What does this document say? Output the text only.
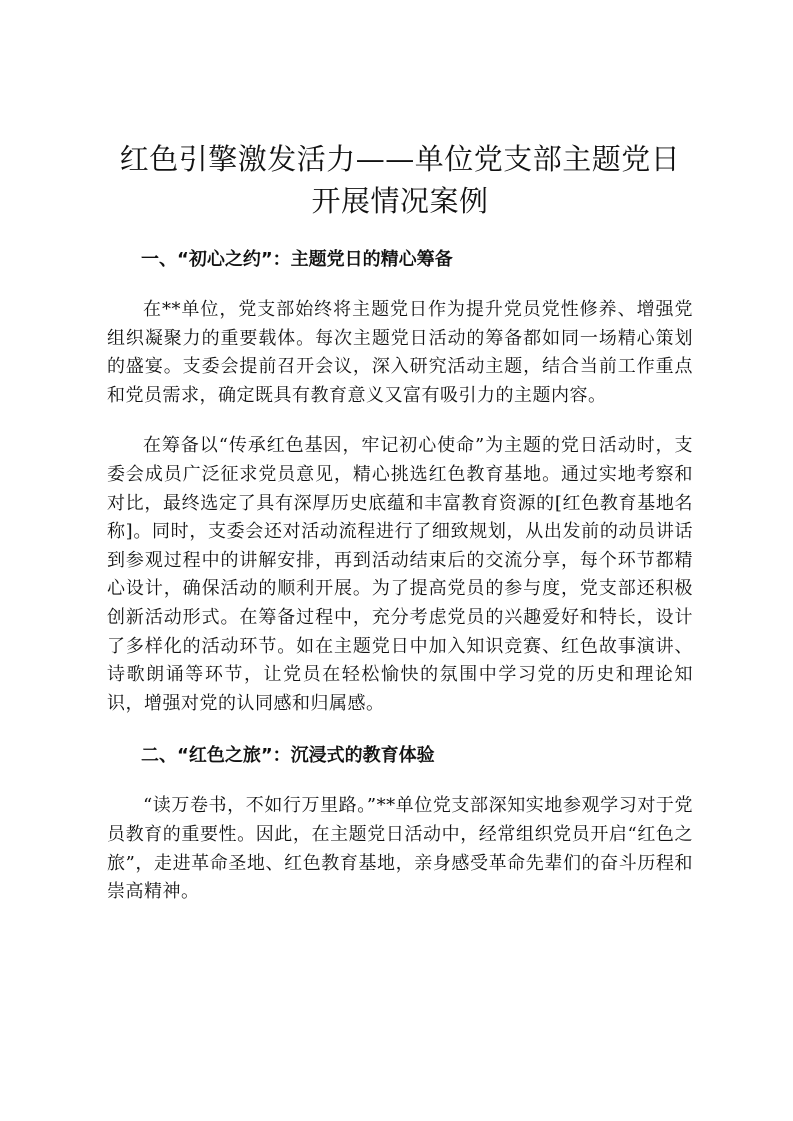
红色引擎激发活力——单位党支部主题党日开展情况案例
一、“初心之约”：主题党日的精心筹备

在**单位，党支部始终将主题党日作为提升党员党性修养、增强党组织凝聚力的重要载体。每次主题党日活动的筹备都如同一场精心策划的盛宴。支委会提前召开会议，深入研究活动主题，结合当前工作重点和党员需求，确定既具有教育意义又富有吸引力的主题内容。

在筹备以“传承红色基因，牢记初心使命”为主题的党日活动时，支委会成员广泛征求党员意见，精心挑选红色教育基地。通过实地考察和对比，最终选定了具有深厚历史底蕴和丰富教育资源的[红色教育基地名称]。同时，支委会还对活动流程进行了细致规划，从出发前的动员讲话到参观过程中的讲解安排，再到活动结束后的交流分享，每个环节都精心设计，确保活动的顺利开展。为了提高党员的参与度，党支部还积极创新活动形式。在筹备过程中，充分考虑党员的兴趣爱好和特长，设计了多样化的活动环节。如在主题党日中加入知识竞赛、红色故事演讲、诗歌朗诵等环节，让党员在轻松愉快的氛围中学习党的历史和理论知识，增强对党的认同感和归属感。

二、“红色之旅”：沉浸式的教育体验

“读万卷书，不如行万里路。”**单位党支部深知实地参观学习对于党员教育的重要性。因此，在主题党日活动中，经常组织党员开启“红色之旅”，走进革命圣地、红色教育基地，亲身感受革命先辈们的奋斗历程和崇高精神。
